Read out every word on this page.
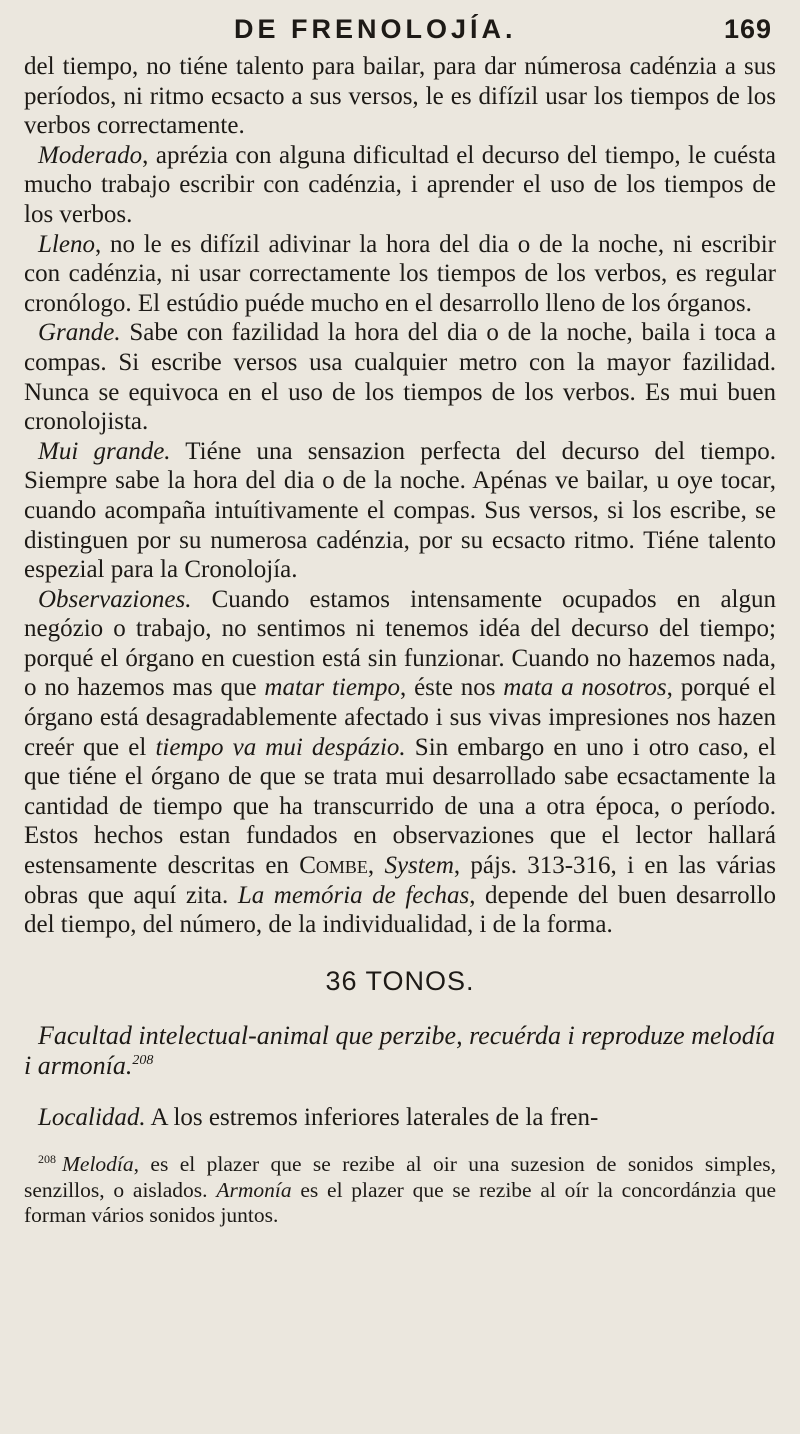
DE FRENOLOJÍA.	169

del tiempo, no tiéne talento para bailar, para dar númerosa cadénzia a sus períodos, ni ritmo ecsacto a sus versos, le es difízil usar los tiempos de los verbos correctamente.

Moderado, aprézia con alguna dificultad el decurso del tiempo, le cuésta mucho trabajo escribir con cadénzia, i aprender el uso de los tiempos de los verbos.

Lleno, no le es difízil adivinar la hora del dia o de la noche, ni escribir con cadénzia, ni usar correctamente los tiempos de los verbos, es regular cronólogo. El estúdio puéde mucho en el desarrollo lleno de los órganos.

Grande. Sabe con fazilidad la hora del dia o de la noche, baila i toca a compas. Si escribe versos usa cualquier metro con la mayor fazilidad. Nunca se equivoca en el uso de los tiempos de los verbos. Es mui buen cronolojista.

Mui grande. Tiéne una sensazion perfecta del decurso del tiempo. Siempre sabe la hora del dia o de la noche. Apénas ve bailar, u oye tocar, cuando acompaña intuítivamente el compas. Sus versos, si los escribe, se distinguen por su numerosa cadénzia, por su ecsacto ritmo. Tiéne talento espezial para la Cronolojía.

Observaziones. Cuando estamos intensamente ocupados en algun negózio o trabajo, no sentimos ni tenemos idéa del decurso del tiempo; porqué el órgano en cuestion está sin funzionar. Cuando no hazemos nada, o no hazemos mas que matar tiempo, éste nos mata a nosotros, porqué el órgano está desagradablemente afectado i sus vivas impresiones nos hazen creér que el tiempo va mui despázio. Sin embargo en uno i otro caso, el que tiéne el órgano de que se trata mui desarrollado sabe ecsactamente la cantidad de tiempo que ha transcurrido de una a otra época, o período. Estos hechos estan fundados en observaziones que el lector hallará estensamente descritas en Combe, System, pájs. 313-316, i en las várias obras que aquí zita. La memória de fechas, depende del buen desarrollo del tiempo, del número, de la individualidad, i de la forma.

36 TONOS.

Facultad intelectual-animal que perzibe, recuérda i reproduze melodía i armonía.$^{208}$

Localidad. A los estremos inferiores laterales de la fren-

$^{208}$ Melodía, es el plazer que se rezibe al oir una suzesion de sonidos simples, senzillos, o aislados. Armonía es el plazer que se rezibe al oír la concordánzia que forman vários sonidos juntos.
